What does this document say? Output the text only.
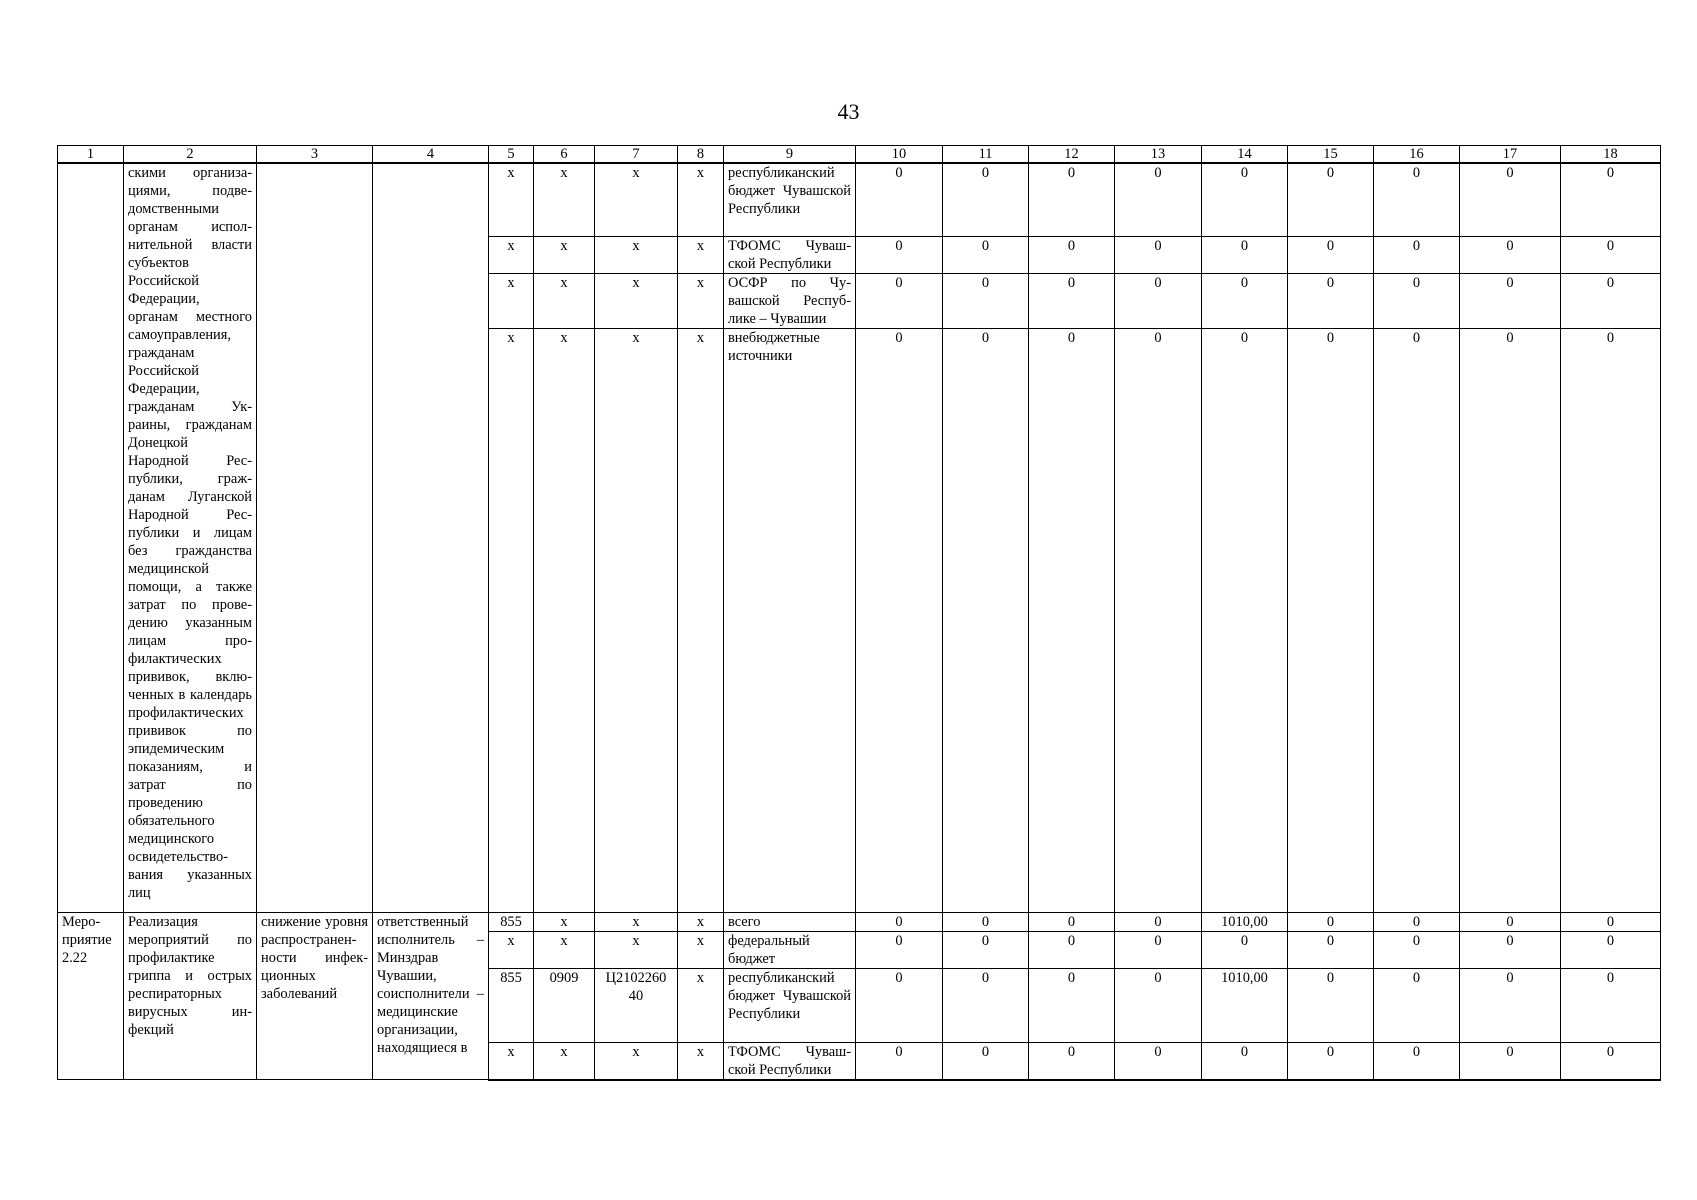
43
1	2	3	4	5	6	7	8	9	10	11	12	13	14	15	16	17	18
	скими организациями, подведомственными органам исполнительной власти субъектов Российской Федерации, органам местного самоуправления, гражданам Российской Федерации, гражданам Украины, гражданам Донецкой Народной Республики, гражданам Луганской Народной Республики и лицам без гражданства медицинской помощи, а также затрат по проведению указанным лицам профилактических прививок, включенных в календарь профилактических прививок по эпидемическим показаниям, и затрат по проведению обязательного медицинского освидетельствования указанных лиц			х	х	х	х	республиканский бюджет Чувашской Республики	0	0	0	0	0	0	0	0	0
				х	х	х	х	ТФОМС Чувашской Республики	0	0	0	0	0	0	0	0	0
				х	х	х	х	ОСФР по Чувашской Республике – Чувашии	0	0	0	0	0	0	0	0	0
				х	х	х	х	внебюджетные источники	0	0	0	0	0	0	0	0	0
Мероприятие 2.22	Реализация мероприятий по профилактике гриппа и острых респираторных вирусных инфекций	снижение уровня распространенности инфекционных заболеваний	ответственный исполнитель – Минздрав Чувашии, соисполнители – медицинские организации, находящиеся в	855	х	х	х	всего	0	0	0	0	1010,00	0	0	0	0
				х	х	х	х	федеральный бюджет	0	0	0	0	0	0	0	0	0
				855	0909	Ц2102260 40	х	республиканский бюджет Чувашской Республики	0	0	0	0	1010,00	0	0	0	0
				х	х	х	х	ТФОМС Чувашской Республики	0	0	0	0	0	0	0	0	0
